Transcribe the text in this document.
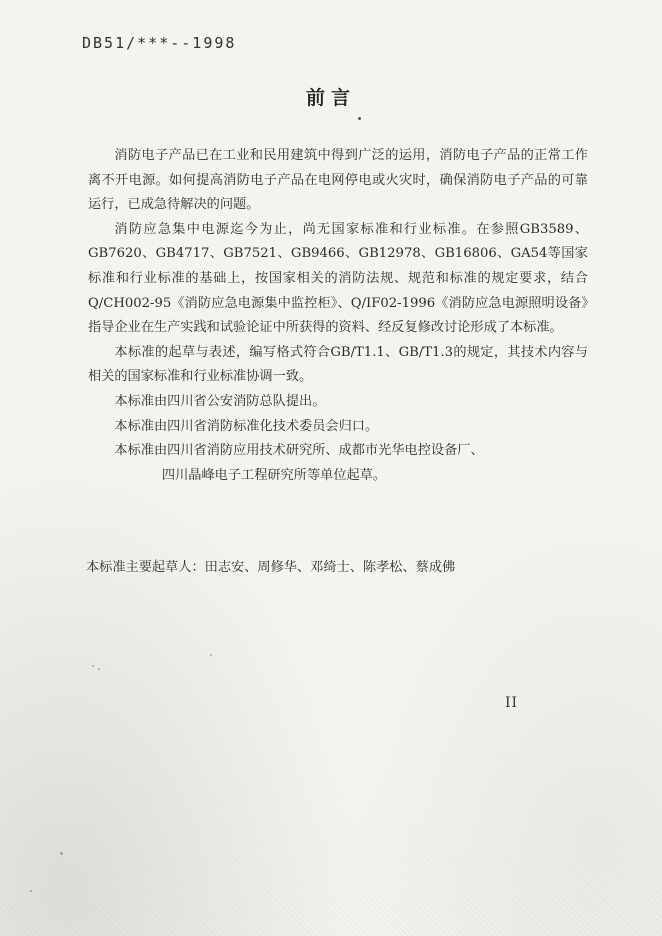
DB51/***--1998
前言

消防电子产品已在工业和民用建筑中得到广泛的运用，消防电子产品的正常工作离不开电源。如何提高消防电子产品在电网停电或火灾时，确保消防电子产品的可靠运行，已成急待解决的问题。

消防应急集中电源迄今为止，尚无国家标准和行业标准。在参照GB3589、GB7620、GB4717、GB7521、GB9466、GB12978、GB16806、GA54等国家标准和行业标准的基础上，按国家相关的消防法规、规范和标准的规定要求，结合Q/CH002-95《消防应急电源集中监控柜》、Q/IF02-1996《消防应急电源照明设备》指导企业在生产实践和试验论证中所获得的资料、经反复修改讨论形成了本标准。

本标准的起草与表述，编写格式符合GB/T1.1、GB/T1.3的规定，其技术内容与相关的国家标准和行业标准协调一致。

本标准由四川省公安消防总队提出。

本标准由四川省消防标准化技术委员会归口。

本标准由四川省消防应用技术研究所、成都市光华电控设备厂、

四川晶峰电子工程研究所等单位起草。

本标准主要起草人：田志安、周修华、邓绮士、陈孝松、蔡成佛
II
